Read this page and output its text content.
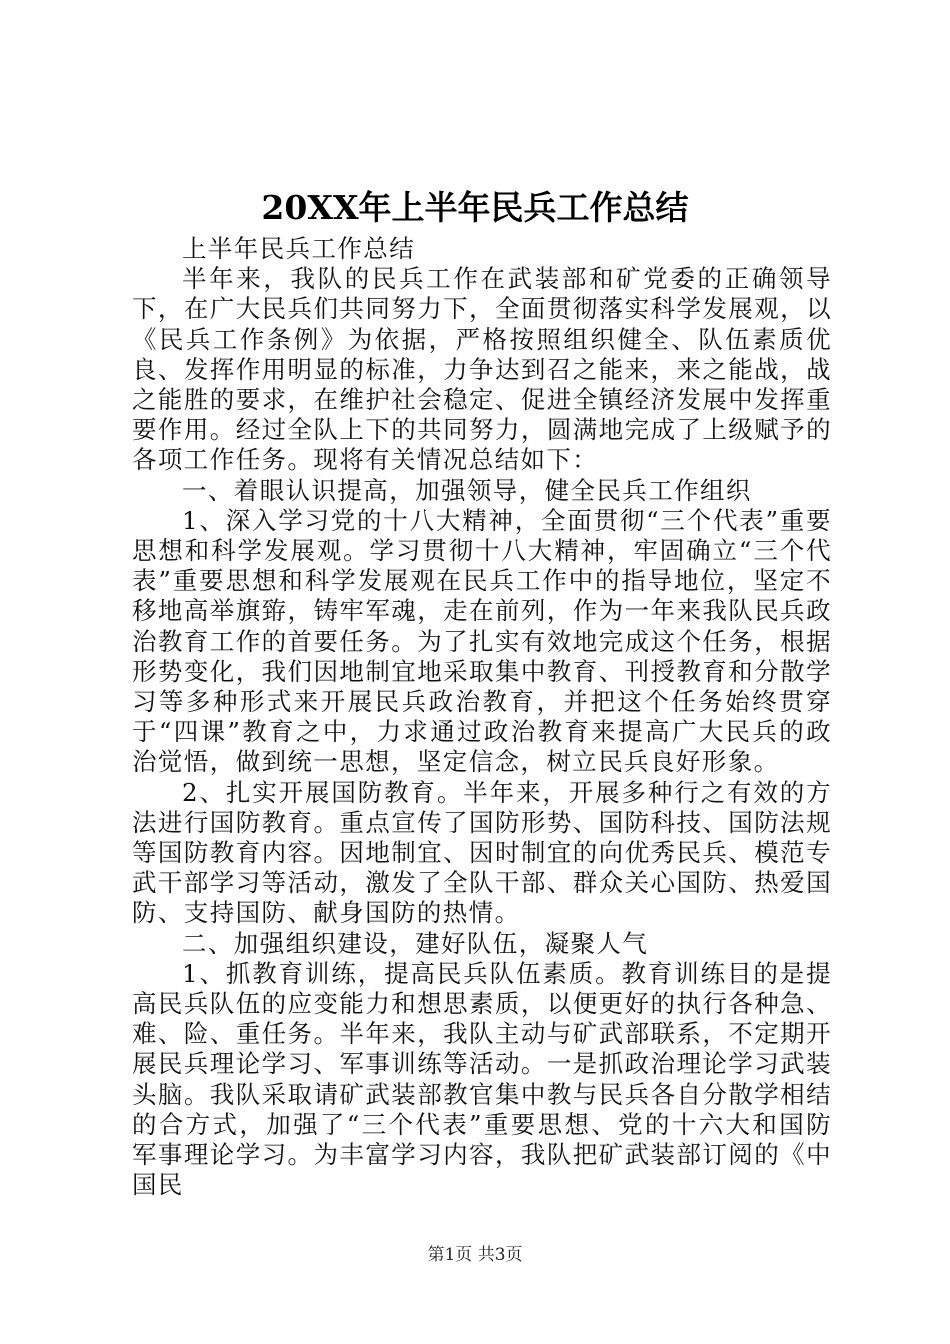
20XX年上半年民兵工作总结

上半年民兵工作总结

半年来，我队的民兵工作在武装部和矿党委的正确领导下，在广大民兵们共同努力下，全面贯彻落实科学发展观，以《民兵工作条例》为依据，严格按照组织健全、队伍素质优良、发挥作用明显的标准，力争达到召之能来，来之能战，战之能胜的要求，在维护社会稳定、促进全镇经济发展中发挥重要作用。经过全队上下的共同努力，圆满地完成了上级赋予的各项工作任务。现将有关情况总结如下：

一、着眼认识提高，加强领导，健全民兵工作组织

1、深入学习党的十八大精神，全面贯彻“三个代表”重要思想和科学发展观。学习贯彻十八大精神，牢固确立“三个代表”重要思想和科学发展观在民兵工作中的指导地位，坚定不移地高举旗臶，铸牢军魂，走在前列，作为一年来我队民兵政治教育工作的首要任务。为了扎实有效地完成这个任务，根据形势变化，我们因地制宜地采取集中教育、刊授教育和分散学习等多种形式来开展民兵政治教育，并把这个任务始终贯穿于“四课”教育之中，力求通过政治教育来提高广大民兵的政治觉悟，做到统一思想，坚定信念，树立民兵良好形象。

2、扎实开展国防教育。半年来，开展多种行之有效的方法进行国防教育。重点宣传了国防形势、国防科技、国防法规等国防教育内容。因地制宜、因时制宜的向优秀民兵、模范专武干部学习等活动，激发了全队干部、群众关心国防、热爱国防、支持国防、献身国防的热情。

二、加强组织建设，建好队伍，凝聚人气

1、抓教育训练，提高民兵队伍素质。教育训练目的是提高民兵队伍的应变能力和想思素质，以便更好的执行各种急、难、险、重任务。半年来，我队主动与矿武部联系，不定期开展民兵理论学习、军事训练等活动。一是抓政治理论学习武装头脑。我队采取请矿武装部教官集中教与民兵各自分散学相结的合方式，加强了“三个代表”重要思想、党的十六大和国防军事理论学习。为丰富学习内容，我队把矿武装部订阅的《中国民

第1页 共3页
